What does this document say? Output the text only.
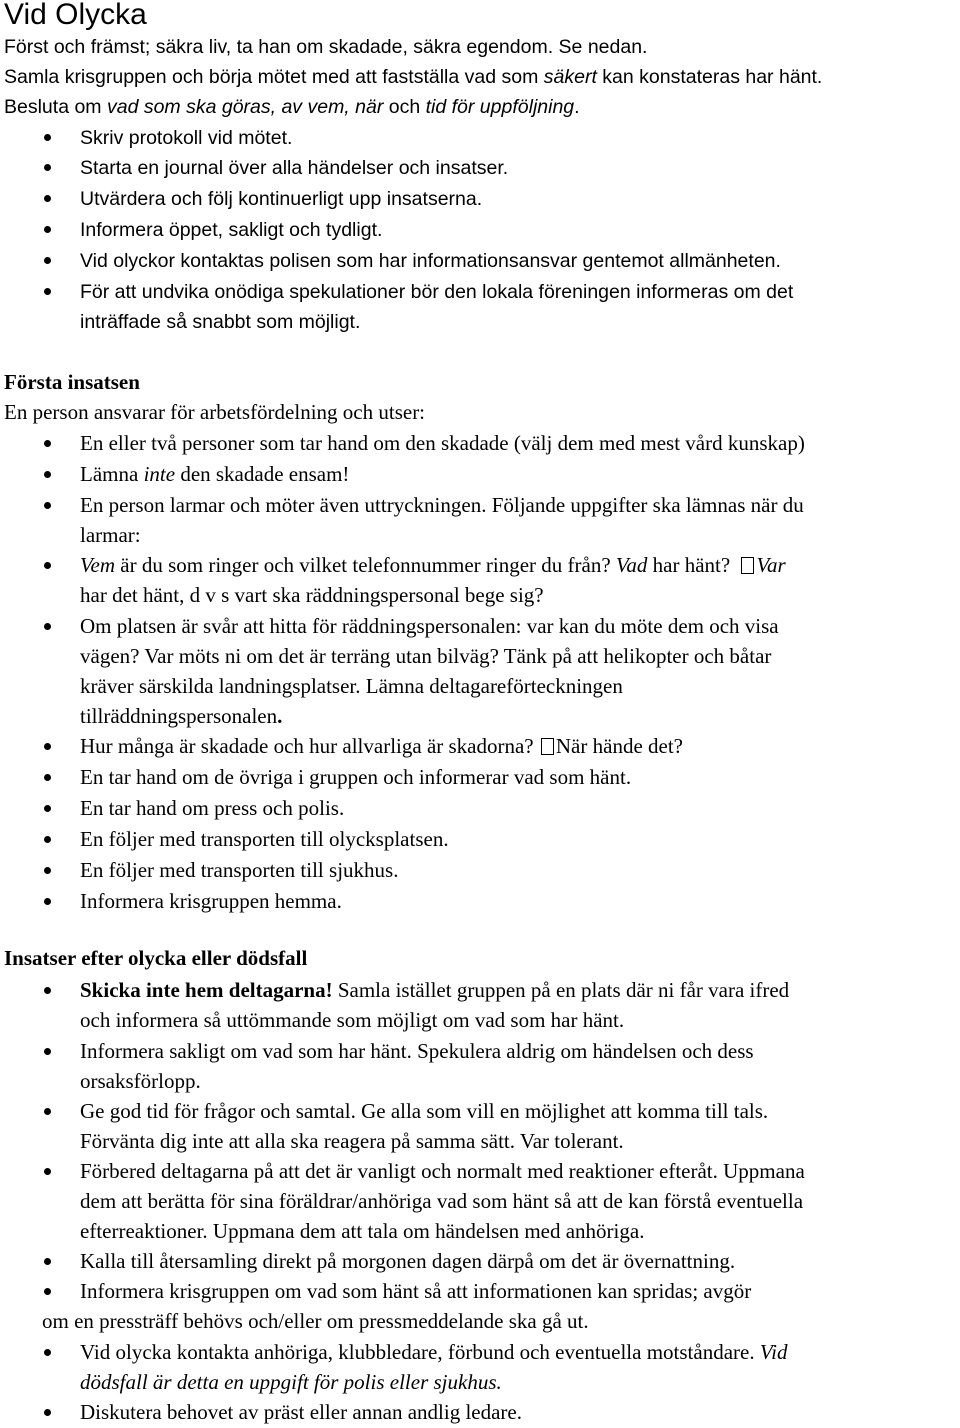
Vid Olycka
Först och främst; säkra liv, ta han om skadade, säkra egendom. Se nedan.
Samla krisgruppen och börja mötet med att fastställa vad som säkert kan konstateras har hänt.
Besluta om vad som ska göras, av vem, när och tid för uppföljning.
Skriv protokoll vid mötet.
Starta en journal över alla händelser och insatser.
Utvärdera och följ kontinuerligt upp insatserna.
Informera öppet, sakligt och tydligt.
Vid olyckor kontaktas polisen som har informationsansvar gentemot allmänheten.
För att undvika onödiga spekulationer bör den lokala föreningen informeras om det
inträffade så snabbt som möjligt.
Första insatsen
En person ansvarar för arbetsfördelning och utser:
En eller två personer som tar hand om den skadade (välj dem med mest vård kunskap)
Lämna inte den skadade ensam!
En person larmar och möter även uttryckningen. Följande uppgifter ska lämnas när du
larmar:
Vem är du som ringer och vilket telefonnummer ringer du från? Vad har hänt? Var
har det hänt, d v s vart ska räddningspersonal bege sig?
Om platsen är svår att hitta för räddningspersonalen: var kan du möte dem och visa
vägen? Var möts ni om det är terräng utan bilväg? Tänk på att helikopter och båtar
kräver särskilda landningsplatser. Lämna deltagareförteckningen
tillräddningspersonalen.
Hur många är skadade och hur allvarliga är skadorna? När hände det?
En tar hand om de övriga i gruppen och informerar vad som hänt.
En tar hand om press och polis.
En följer med transporten till olycksplatsen.
En följer med transporten till sjukhus.
Informera krisgruppen hemma.
Insatser efter olycka eller dödsfall
Skicka inte hem deltagarna! Samla istället gruppen på en plats där ni får vara ifred
och informera så uttömmande som möjligt om vad som har hänt.
Informera sakligt om vad som har hänt. Spekulera aldrig om händelsen och dess
orsaksförlopp.
Ge god tid för frågor och samtal. Ge alla som vill en möjlighet att komma till tals.
Förvänta dig inte att alla ska reagera på samma sätt. Var tolerant.
Förbered deltagarna på att det är vanligt och normalt med reaktioner efteråt. Uppmana
dem att berätta för sina föräldrar/anhöriga vad som hänt så att de kan förstå eventuella
efterreaktioner. Uppmana dem att tala om händelsen med anhöriga.
Kalla till återsamling direkt på morgonen dagen därpå om det är övernattning.
Informera krisgruppen om vad som hänt så att informationen kan spridas; avgör
om en pressträff behövs och/eller om pressmeddelande ska gå ut.
Vid olycka kontakta anhöriga, klubbledare, förbund och eventuella motståndare. Vid
dödsfall är detta en uppgift för polis eller sjukhus.
Diskutera behovet av präst eller annan andlig ledare.
